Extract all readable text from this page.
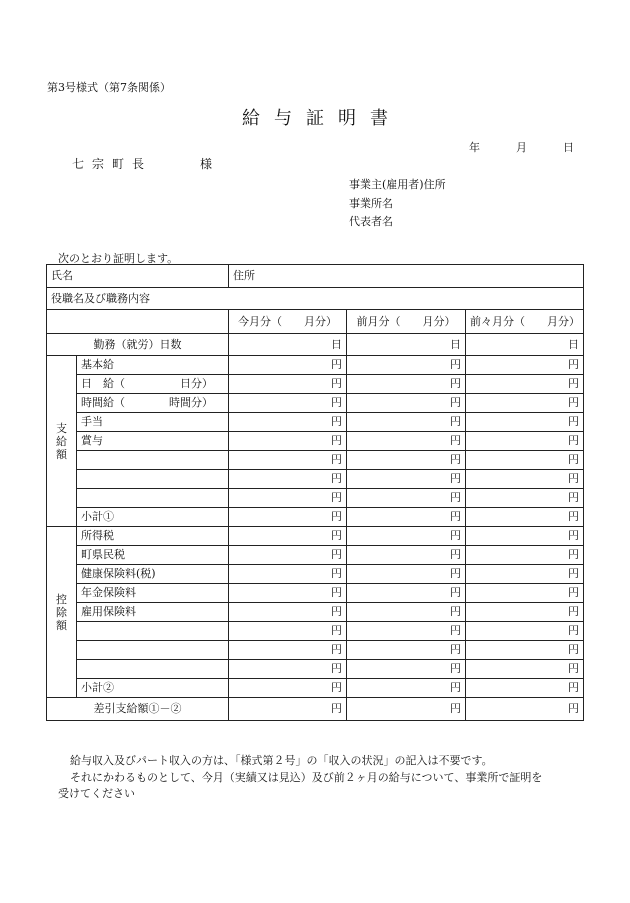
第3号様式（第7条関係）
給与証明書
年	月	日
七宗町長	様
事業主(雇用者)住所
事業所名
代表者名
次のとおり証明します。
氏名		住所		
役職名及び職務内容				
		今月分（　　月分）	前月分（　　月分）	前々月分（　　月分）
勤務（就労）日数		日	日	日

支
給
額	基本給	円	円	円
	日　給（　　　　　日分）	円	円	円
	時間給（　　　　時間分）	円	円	円
	手当	円	円	円
	賞与	円	円	円
		円	円	円
		円	円	円
		円	円	円
	小計①	円	円	円

控
除
額	所得税	円	円	円
	町県民税	円	円	円
	健康保険料(税)	円	円	円
	年金保険料	円	円	円
	雇用保険料	円	円	円
		円	円	円
		円	円	円
		円	円	円
	小計②	円	円	円
差引支給額①－②		円	円	円
給与収入及びパート収入の方は、「様式第２号」の「収入の状況」の記入は不要です。
それにかわるものとして、今月（実績又は見込）及び前２ヶ月の給与について、事業所で証明を
受けてください
